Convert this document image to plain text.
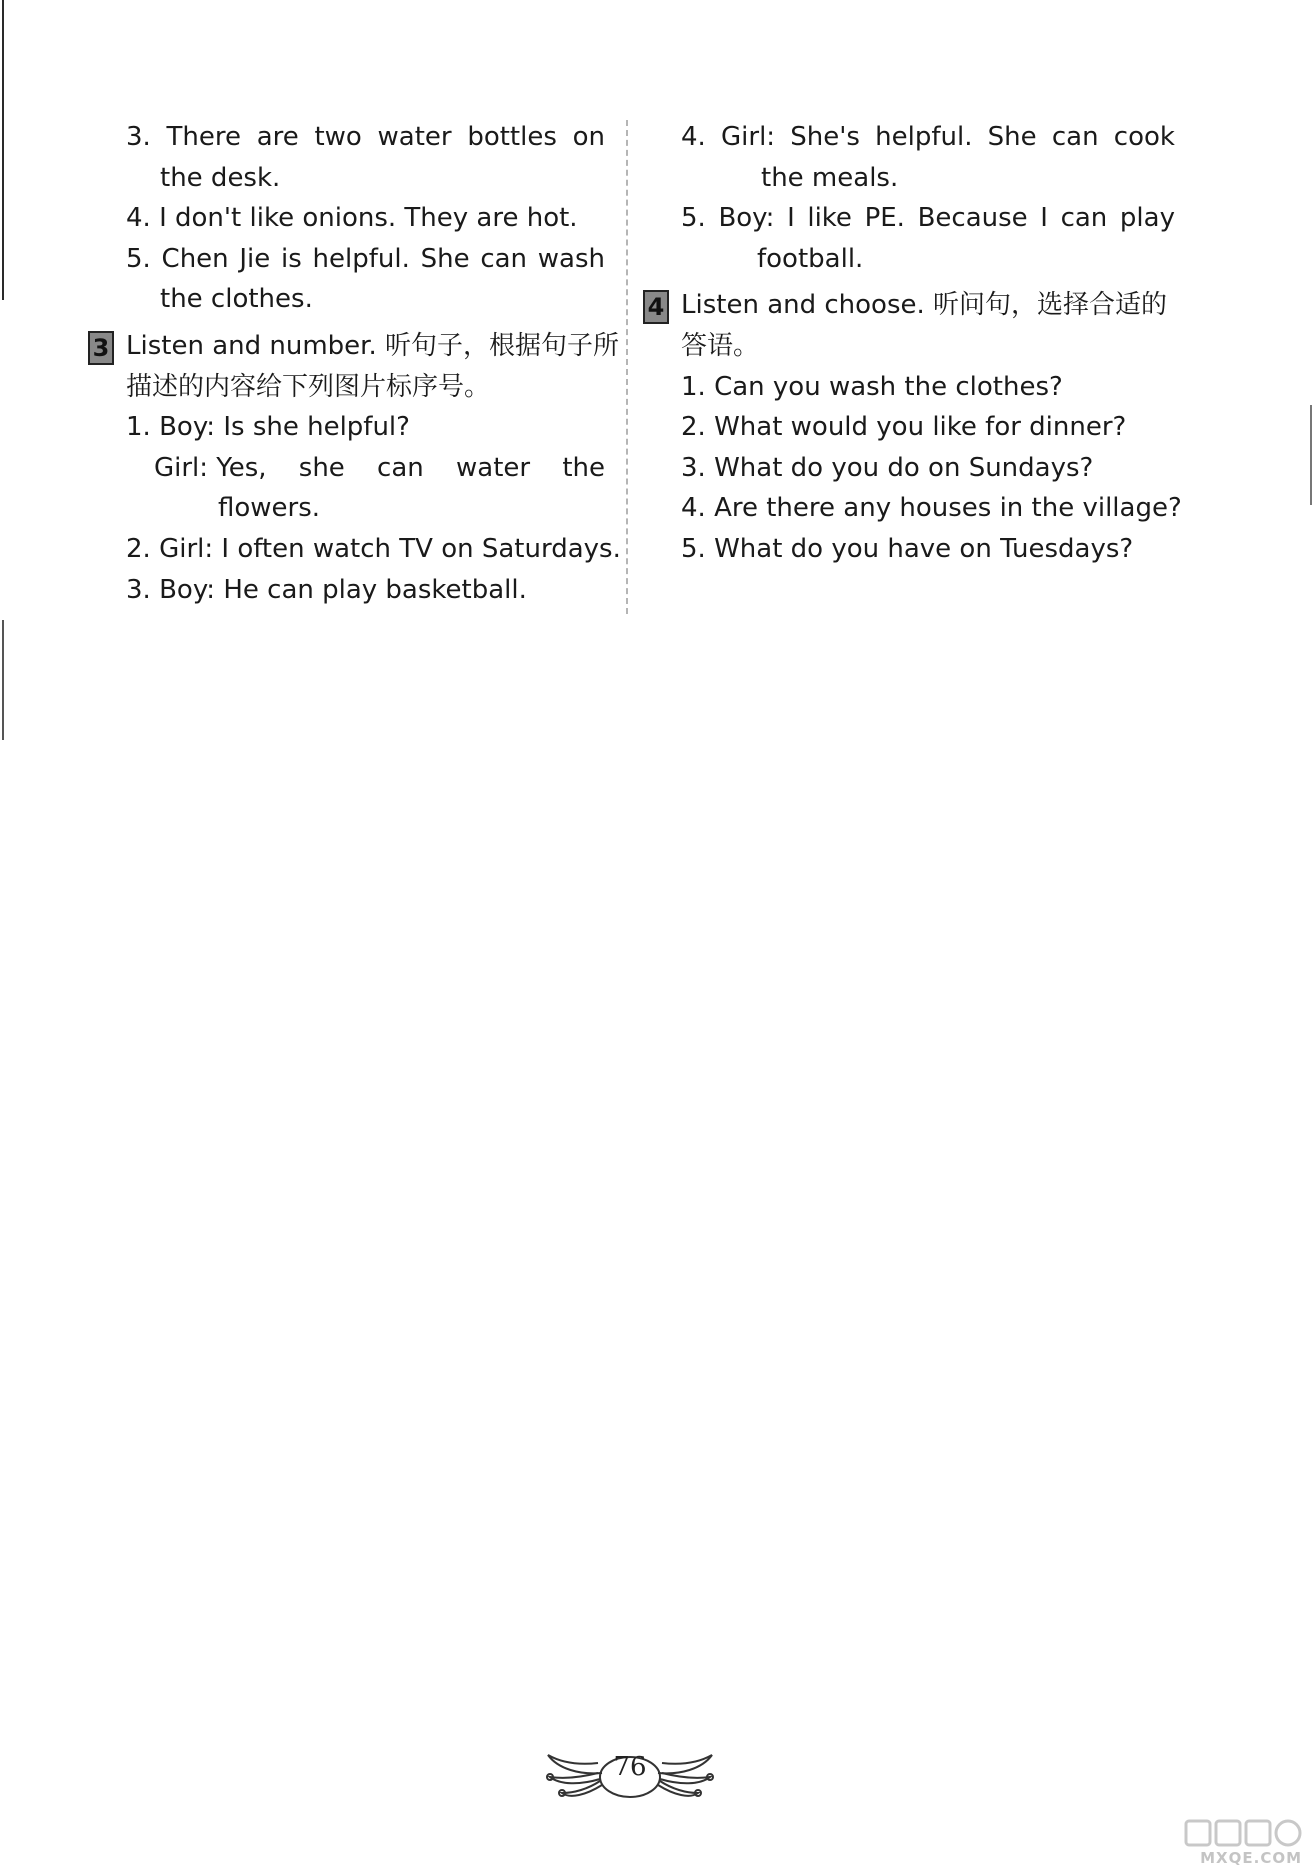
3. There are two water bottles on
the desk.
4. I don't like onions. They are hot.
5. Chen Jie is helpful. She can wash
the clothes.
3 Listen and number. 听句子，根据句子所
描述的内容给下列图片标序号。
1. Boy: Is she helpful?
Girl: Yes, she can water the
flowers.
2. Girl: I often watch TV on Saturdays.
3. Boy: He can play basketball.
4. Girl: She's helpful. She can cook
the meals.
5. Boy: I like PE. Because I can play
football.
4 Listen and choose. 听问句，选择合适的
答语。
1. Can you wash the clothes?
2. What would you like for dinner?
3. What do you do on Sundays?
4. Are there any houses in the village?
5. What do you have on Tuesdays?
76
MXQE.COM
